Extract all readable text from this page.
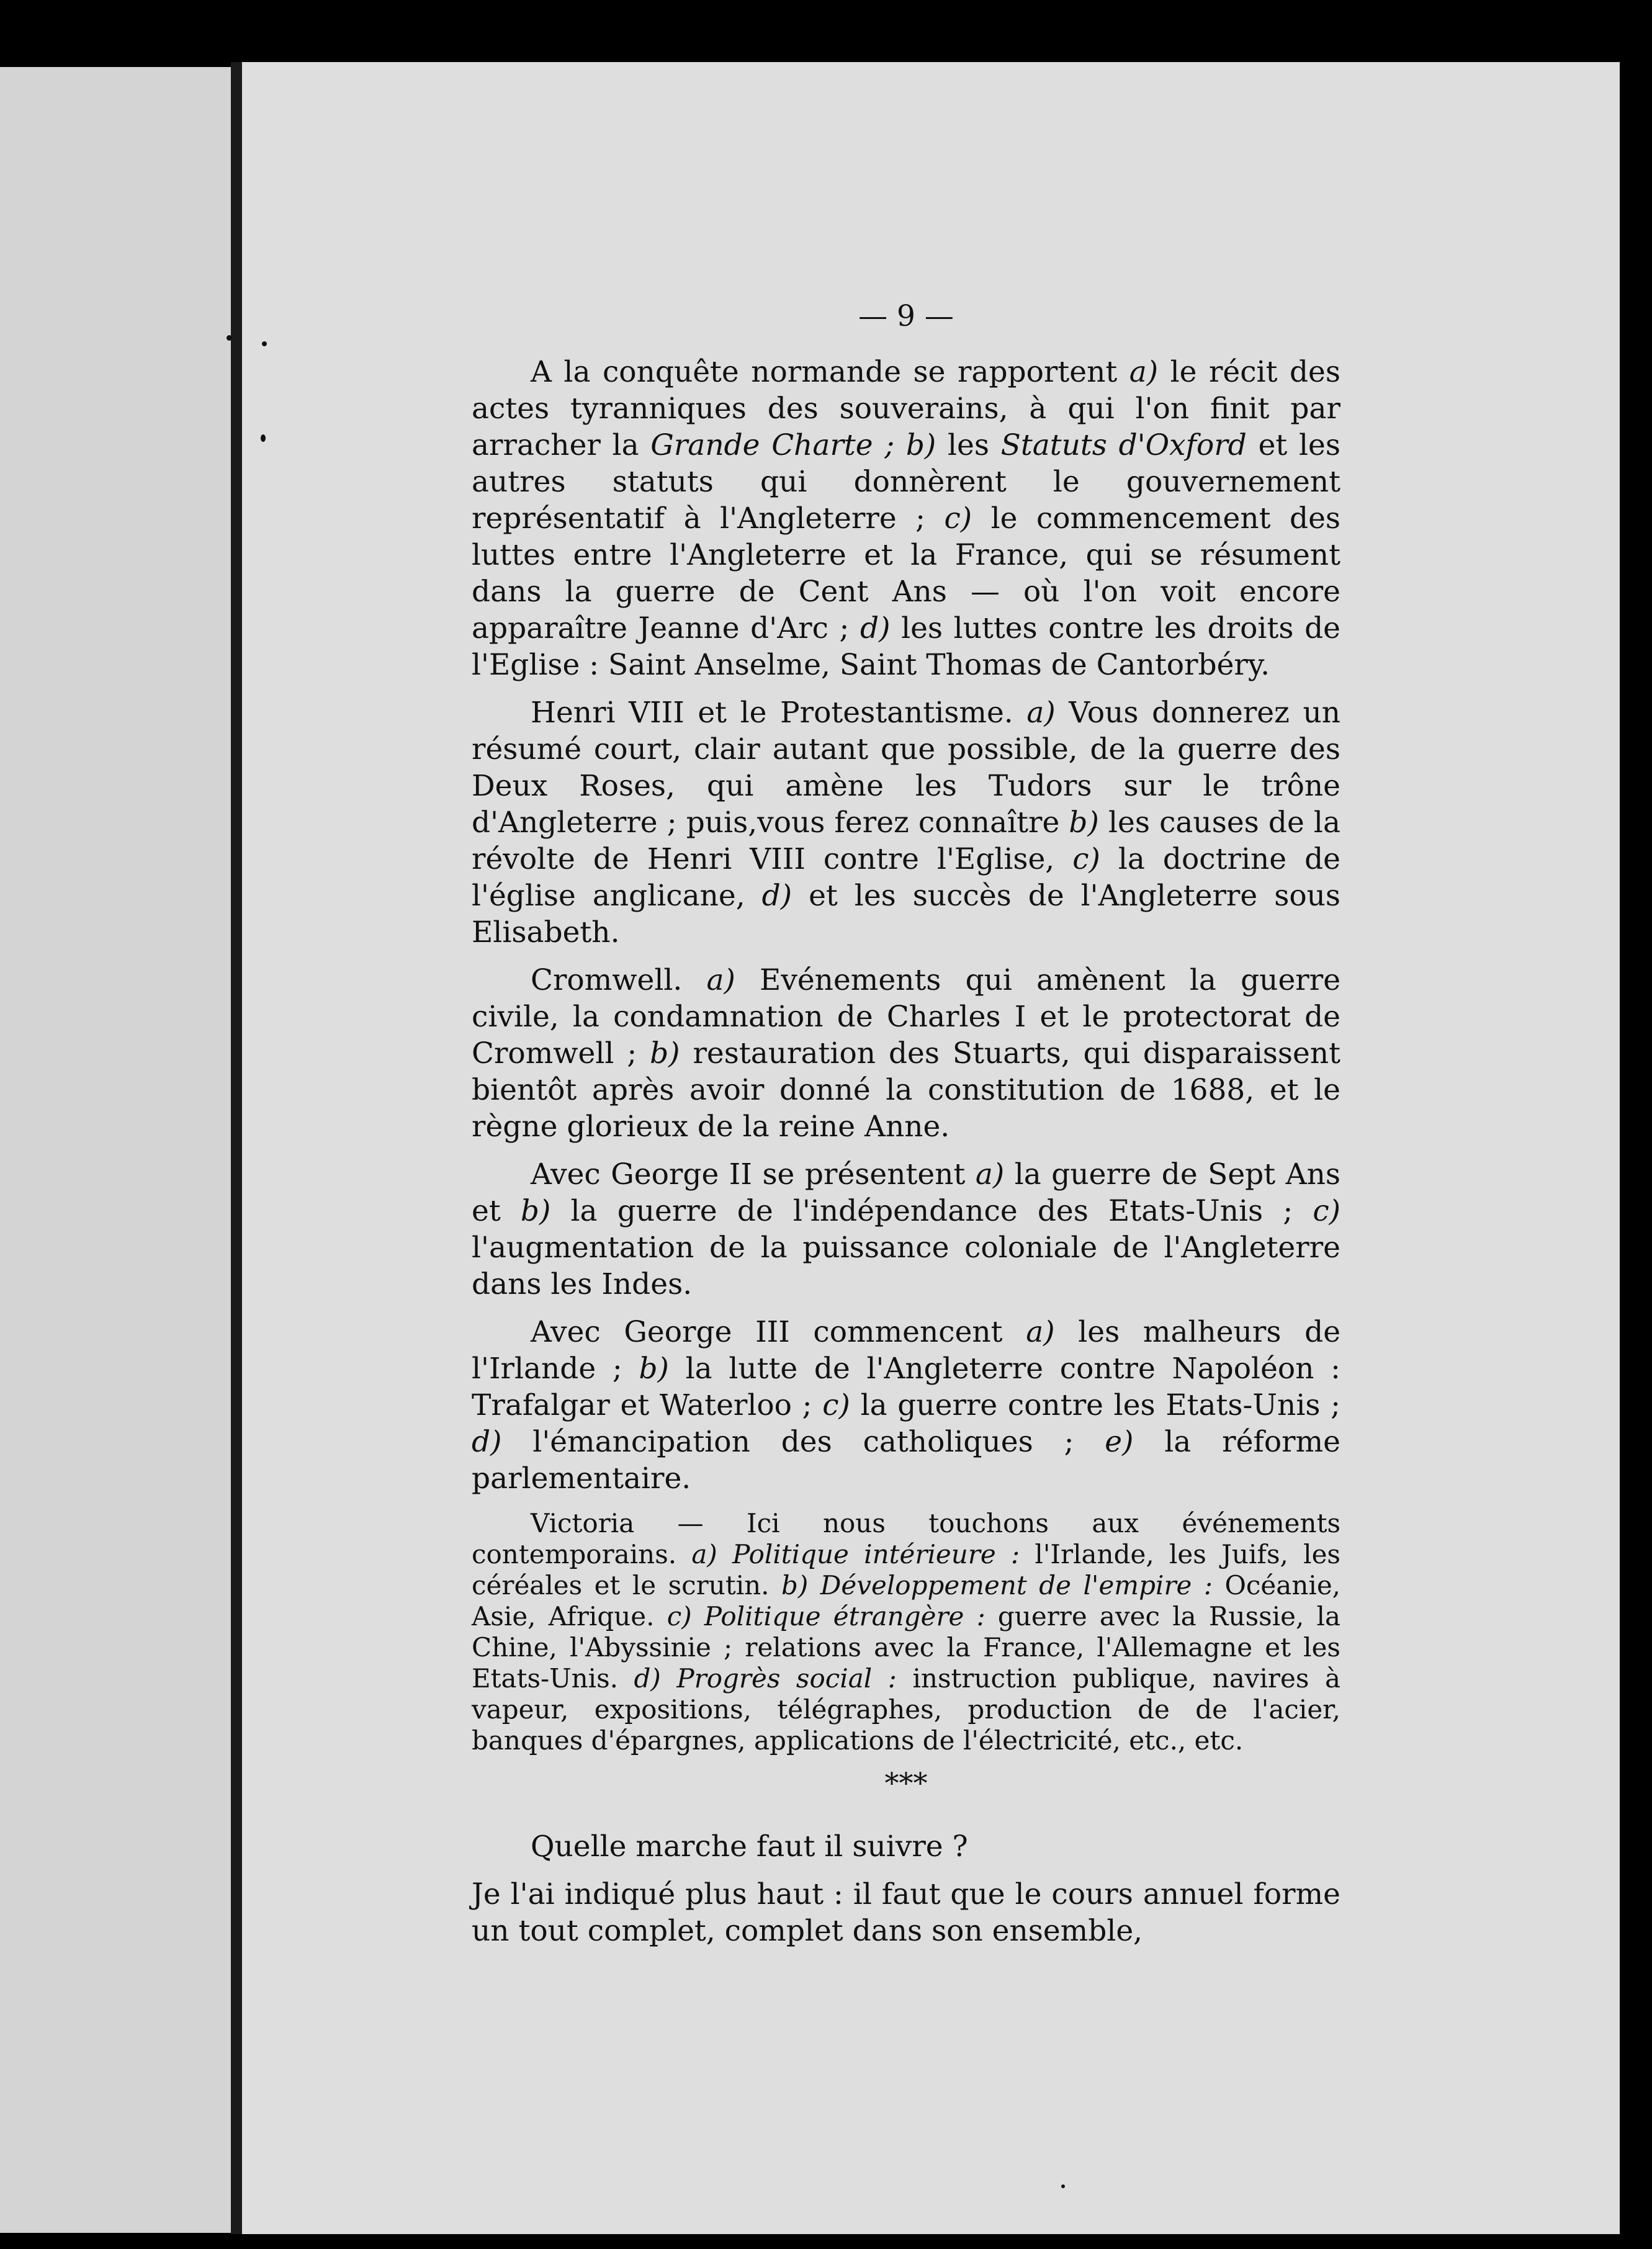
— 9 —

A la conquête normande se rapportent a) le récit des actes tyranniques des souverains, à qui l'on finit par arracher la Grande Charte ; b) les Statuts d'Oxford et les autres statuts qui donnèrent le gouvernement représentatif à l'Angleterre ; c) le commencement des luttes entre l'Angleterre et la France, qui se résument dans la guerre de Cent Ans — où l'on voit encore apparaître Jeanne d'Arc ; d) les luttes contre les droits de l'Eglise : Saint Anselme, Saint Thomas de Cantorbéry.

Henri VIII et le Protestantisme. a) Vous donnerez un résumé court, clair autant que possible, de la guerre des Deux Roses, qui amène les Tudors sur le trône d'Angleterre ; puis,vous ferez connaître b) les causes de la révolte de Henri VIII contre l'Eglise, c) la doctrine de l'église anglicane, d) et les succès de l'Angleterre sous Elisabeth.

Cromwell. a) Evénements qui amènent la guerre civile, la condamnation de Charles I et le protectorat de Cromwell ; b) restauration des Stuarts, qui disparaissent bientôt après avoir donné la constitution de 1688, et le règne glorieux de la reine Anne.

Avec George II se présentent a) la guerre de Sept Ans et b) la guerre de l'indépendance des Etats-Unis ; c) l'augmentation de la puissance coloniale de l'Angleterre dans les Indes.

Avec George III commencent a) les malheurs de l'Irlande ; b) la lutte de l'Angleterre contre Napoléon : Trafalgar et Waterloo ; c) la guerre contre les Etats-Unis ; d) l'émancipation des catholiques ; e) la réforme parlementaire.

Victoria — Ici nous touchons aux événements contemporains. a) Politique intérieure : l'Irlande, les Juifs, les céréales et le scrutin. b) Développement de l'empire : Océanie, Asie, Afrique. c) Politique étrangère : guerre avec la Russie, la Chine, l'Abyssinie ; relations avec la France, l'Allemagne et les Etats-Unis. d) Progrès social : instruction publique, navires à vapeur, expositions, télégraphes, production de de l'acier, banques d'épargnes, applications de l'électricité, etc., etc.

***

Quelle marche faut il suivre ?

Je l'ai indiqué plus haut : il faut que le cours annuel forme un tout complet, complet dans son ensemble,
